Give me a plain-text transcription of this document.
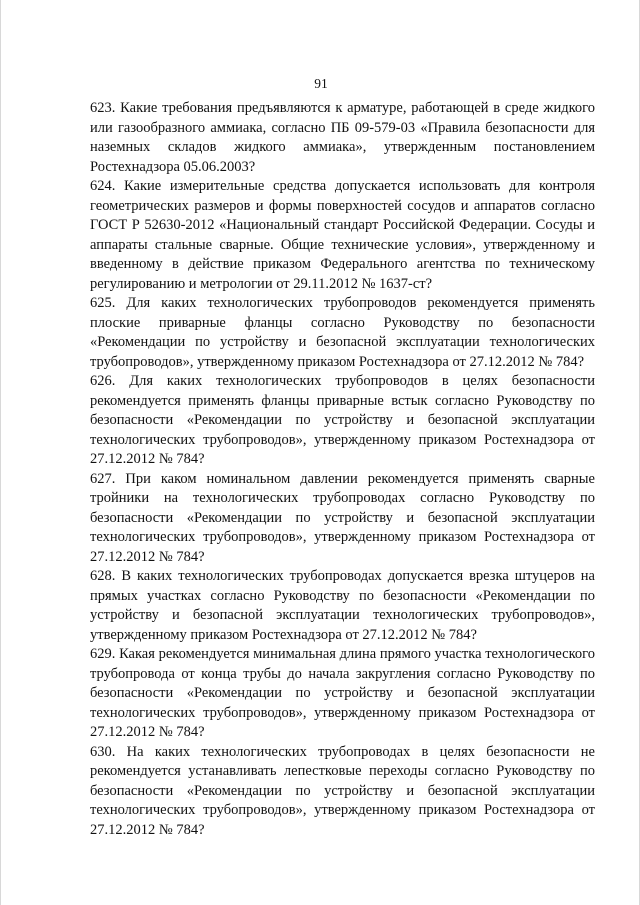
91

623. Какие требования предъявляются к арматуре, работающей в среде жидкого или газообразного аммиака, согласно ПБ 09-579-03 «Правила безопасности для наземных складов жидкого аммиака», утвержденным постановлением Ростехнадзора 05.06.2003?

624. Какие измерительные средства допускается использовать для контроля геометрических размеров и формы поверхностей сосудов и аппаратов согласно ГОСТ Р 52630-2012 «Национальный стандарт Российской Федерации. Сосуды и аппараты стальные сварные. Общие технические условия», утвержденному и введенному в действие приказом Федерального агентства по техническому регулированию и метрологии от 29.11.2012 № 1637-ст?

625. Для каких технологических трубопроводов рекомендуется применять плоские приварные фланцы согласно Руководству по безопасности «Рекомендации по устройству и безопасной эксплуатации технологических трубопроводов», утвержденному приказом Ростехнадзора от 27.12.2012 № 784?

626. Для каких технологических трубопроводов в целях безопасности рекомендуется применять фланцы приварные встык согласно Руководству по безопасности «Рекомендации по устройству и безопасной эксплуатации технологических трубопроводов», утвержденному приказом Ростехнадзора от 27.12.2012 № 784?

627. При каком номинальном давлении рекомендуется применять сварные тройники на технологических трубопроводах согласно Руководству по безопасности «Рекомендации по устройству и безопасной эксплуатации технологических трубопроводов», утвержденному приказом Ростехнадзора от 27.12.2012 № 784?

628. В каких технологических трубопроводах допускается врезка штуцеров на прямых участках согласно Руководству по безопасности «Рекомендации по устройству и безопасной эксплуатации технологических трубопроводов», утвержденному приказом Ростехнадзора от 27.12.2012 № 784?

629. Какая рекомендуется минимальная длина прямого участка технологического трубопровода от конца трубы до начала закругления согласно Руководству по безопасности «Рекомендации по устройству и безопасной эксплуатации технологических трубопроводов», утвержденному приказом Ростехнадзора от 27.12.2012 № 784?

630. На каких технологических трубопроводах в целях безопасности не рекомендуется устанавливать лепестковые переходы согласно Руководству по безопасности «Рекомендации по устройству и безопасной эксплуатации технологических трубопроводов», утвержденному приказом Ростехнадзора от 27.12.2012 № 784?
